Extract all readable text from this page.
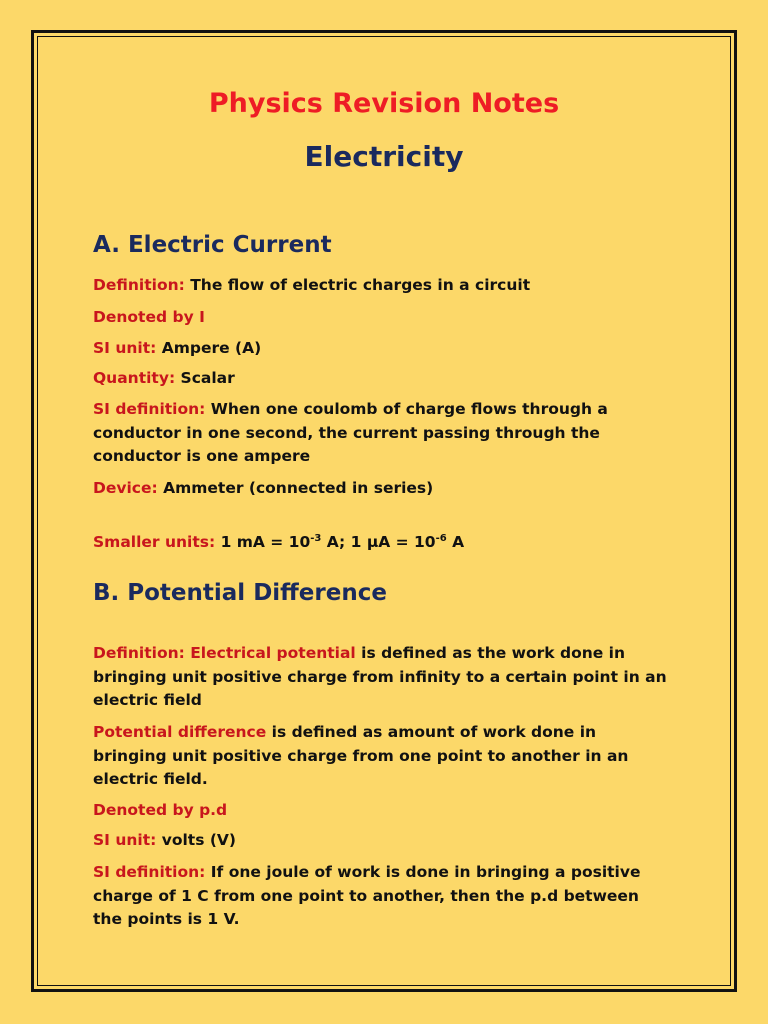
Physics Revision Notes
Electricity
A. Electric Current

Definition: The flow of electric charges in a circuit

Denoted by I

SI unit: Ampere (A)

Quantity: Scalar

SI definition: When one coulomb of charge flows through a conductor in one second, the current passing through the conductor is one ampere

Device: Ammeter (connected in series)

Smaller units: 1 mA = $10^{-3}$ A; 1 $\mu A = 10^{-6}$ A

B. Potential Difference

Definition: Electrical potential is defined as the work done in bringing unit positive charge from infinity to a certain point in an electric field

Potential difference is defined as amount of work done in bringing unit positive charge from one point to another in an electric field.

Denoted by p.d

SI unit: volts (V)

SI definition: If one joule of work is done in bringing a positive charge of 1 C from one point to another, then the p.d between the points is 1 V.
